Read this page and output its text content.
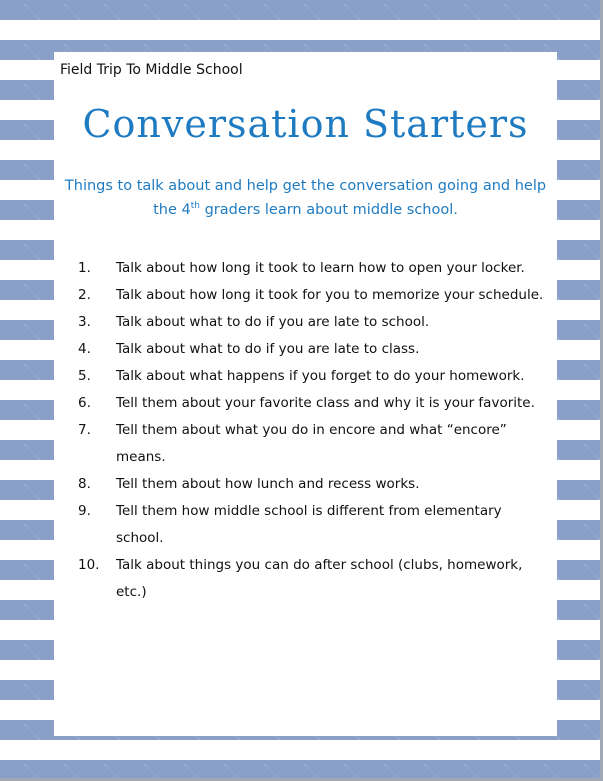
Field Trip To Middle School
Conversation Starters
Things to talk about and help get the conversation going and help the 4th graders learn about middle school.
1.	Talk about how long it took to learn how to open your locker.
2.	Talk about how long it took for you to memorize your schedule.
3.	Talk about what to do if you are late to school.
4.	Talk about what to do if you are late to class.
5.	Talk about what happens if you forget to do your homework.
6.	Tell them about your favorite class and why it is your favorite.
7.	Tell them about what you do in encore and what “encore” means.
8.	Tell them about how lunch and recess works.
9.	Tell them how middle school is different from elementary school.
10.	Talk about things you can do after school (clubs, homework, etc.)
